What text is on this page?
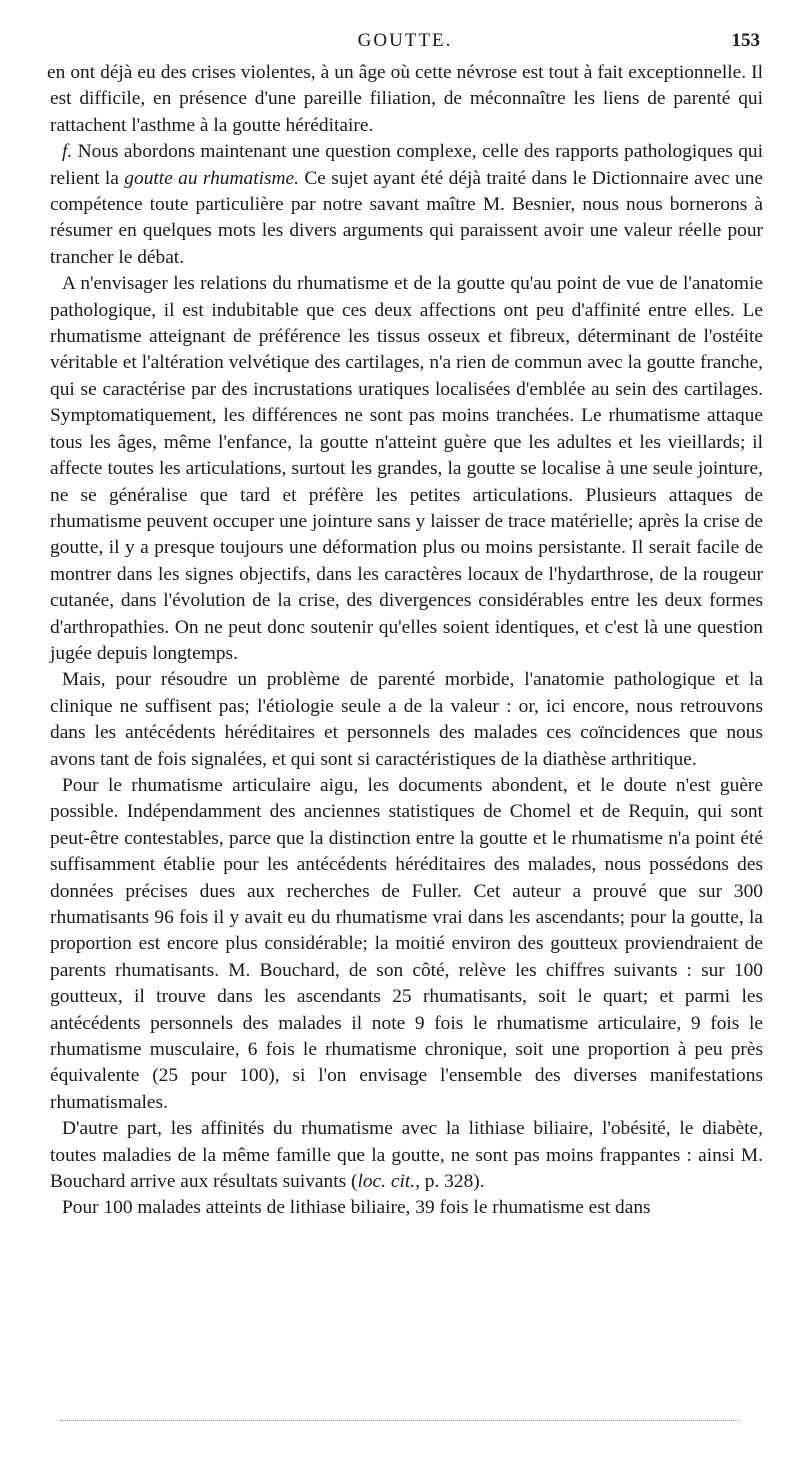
GOUTTE.	153

en ont déjà eu des crises violentes, à un âge où cette névrose est tout à fait exceptionnelle. Il est difficile, en présence d'une pareille filiation, de méconnaître les liens de parenté qui rattachent l'asthme à la goutte héréditaire.

f. Nous abordons maintenant une question complexe, celle des rapports pathologiques qui relient la goutte au rhumatisme. Ce sujet ayant été déjà traité dans le Dictionnaire avec une compétence toute particulière par notre savant maître M. Besnier, nous nous bornerons à résumer en quelques mots les divers arguments qui paraissent avoir une valeur réelle pour trancher le débat.

A n'envisager les relations du rhumatisme et de la goutte qu'au point de vue de l'anatomie pathologique, il est indubitable que ces deux affections ont peu d'affinité entre elles. Le rhumatisme atteignant de préférence les tissus osseux et fibreux, déterminant de l'ostéite véritable et l'altération velvétique des cartilages, n'a rien de commun avec la goutte franche, qui se caractérise par des incrustations uratiques localisées d'emblée au sein des cartilages. Symptomatiquement, les différences ne sont pas moins tranchées. Le rhumatisme attaque tous les âges, même l'enfance, la goutte n'atteint guère que les adultes et les vieillards; il affecte toutes les articulations, surtout les grandes, la goutte se localise à une seule jointure, ne se généralise que tard et préfère les petites articulations. Plusieurs attaques de rhumatisme peuvent occuper une jointure sans y laisser de trace matérielle; après la crise de goutte, il y a presque toujours une déformation plus ou moins persistante. Il serait facile de montrer dans les signes objectifs, dans les caractères locaux de l'hydarthrose, de la rougeur cutanée, dans l'évolution de la crise, des divergences considérables entre les deux formes d'arthropathies. On ne peut donc soutenir qu'elles soient identiques, et c'est là une question jugée depuis longtemps.

Mais, pour résoudre un problème de parenté morbide, l'anatomie pathologique et la clinique ne suffisent pas; l'étiologie seule a de la valeur : or, ici encore, nous retrouvons dans les antécédents héréditaires et personnels des malades ces coïncidences que nous avons tant de fois signalées, et qui sont si caractéristiques de la diathèse arthritique.

Pour le rhumatisme articulaire aigu, les documents abondent, et le doute n'est guère possible. Indépendamment des anciennes statistiques de Chomel et de Requin, qui sont peut-être contestables, parce que la distinction entre la goutte et le rhumatisme n'a point été suffisamment établie pour les antécédents héréditaires des malades, nous possédons des données précises dues aux recherches de Fuller. Cet auteur a prouvé que sur 300 rhumatisants 96 fois il y avait eu du rhumatisme vrai dans les ascendants; pour la goutte, la proportion est encore plus considérable; la moitié environ des goutteux proviendraient de parents rhumatisants. M. Bouchard, de son côté, relève les chiffres suivants : sur 100 goutteux, il trouve dans les ascendants 25 rhumatisants, soit le quart; et parmi les antécédents personnels des malades il note 9 fois le rhumatisme articulaire, 9 fois le rhumatisme musculaire, 6 fois le rhumatisme chronique, soit une proportion à peu près équivalente (25 pour 100), si l'on envisage l'ensemble des diverses manifestations rhumatismales.

D'autre part, les affinités du rhumatisme avec la lithiase biliaire, l'obésité, le diabète, toutes maladies de la même famille que la goutte, ne sont pas moins frappantes : ainsi M. Bouchard arrive aux résultats suivants (loc. cit., p. 328).

Pour 100 malades atteints de lithiase biliaire, 39 fois le rhumatisme est dans
